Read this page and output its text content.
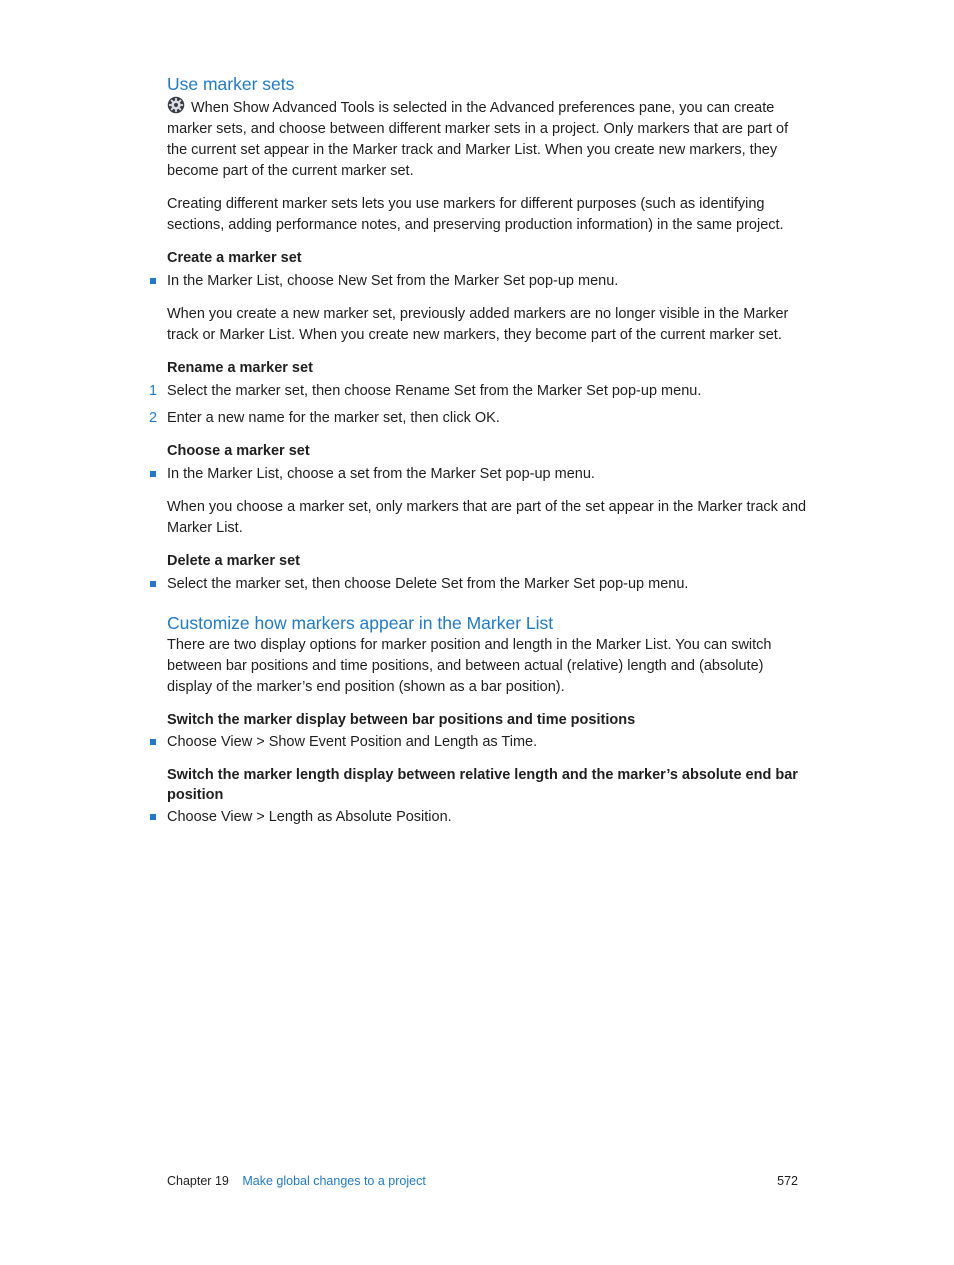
Use marker sets

When Show Advanced Tools is selected in the Advanced preferences pane, you can create marker sets, and choose between different marker sets in a project. Only markers that are part of the current set appear in the Marker track and Marker List. When you create new markers, they become part of the current marker set.

Creating different marker sets lets you use markers for different purposes (such as identifying sections, adding performance notes, and preserving production information) in the same project.

Create a marker set

In the Marker List, choose New Set from the Marker Set pop-up menu.

When you create a new marker set, previously added markers are no longer visible in the Marker track or Marker List. When you create new markers, they become part of the current marker set.

Rename a marker set

1 Select the marker set, then choose Rename Set from the Marker Set pop-up menu.

2 Enter a new name for the marker set, then click OK.

Choose a marker set

In the Marker List, choose a set from the Marker Set pop-up menu.

When you choose a marker set, only markers that are part of the set appear in the Marker track and Marker List.

Delete a marker set

Select the marker set, then choose Delete Set from the Marker Set pop-up menu.

Customize how markers appear in the Marker List

There are two display options for marker position and length in the Marker List. You can switch between bar positions and time positions, and between actual (relative) length and (absolute) display of the marker’s end position (shown as a bar position).

Switch the marker display between bar positions and time positions

Choose View > Show Event Position and Length as Time.

Switch the marker length display between relative length and the marker’s absolute end bar position

Choose View > Length as Absolute Position.

Chapter 19 Make global changes to a project	572
